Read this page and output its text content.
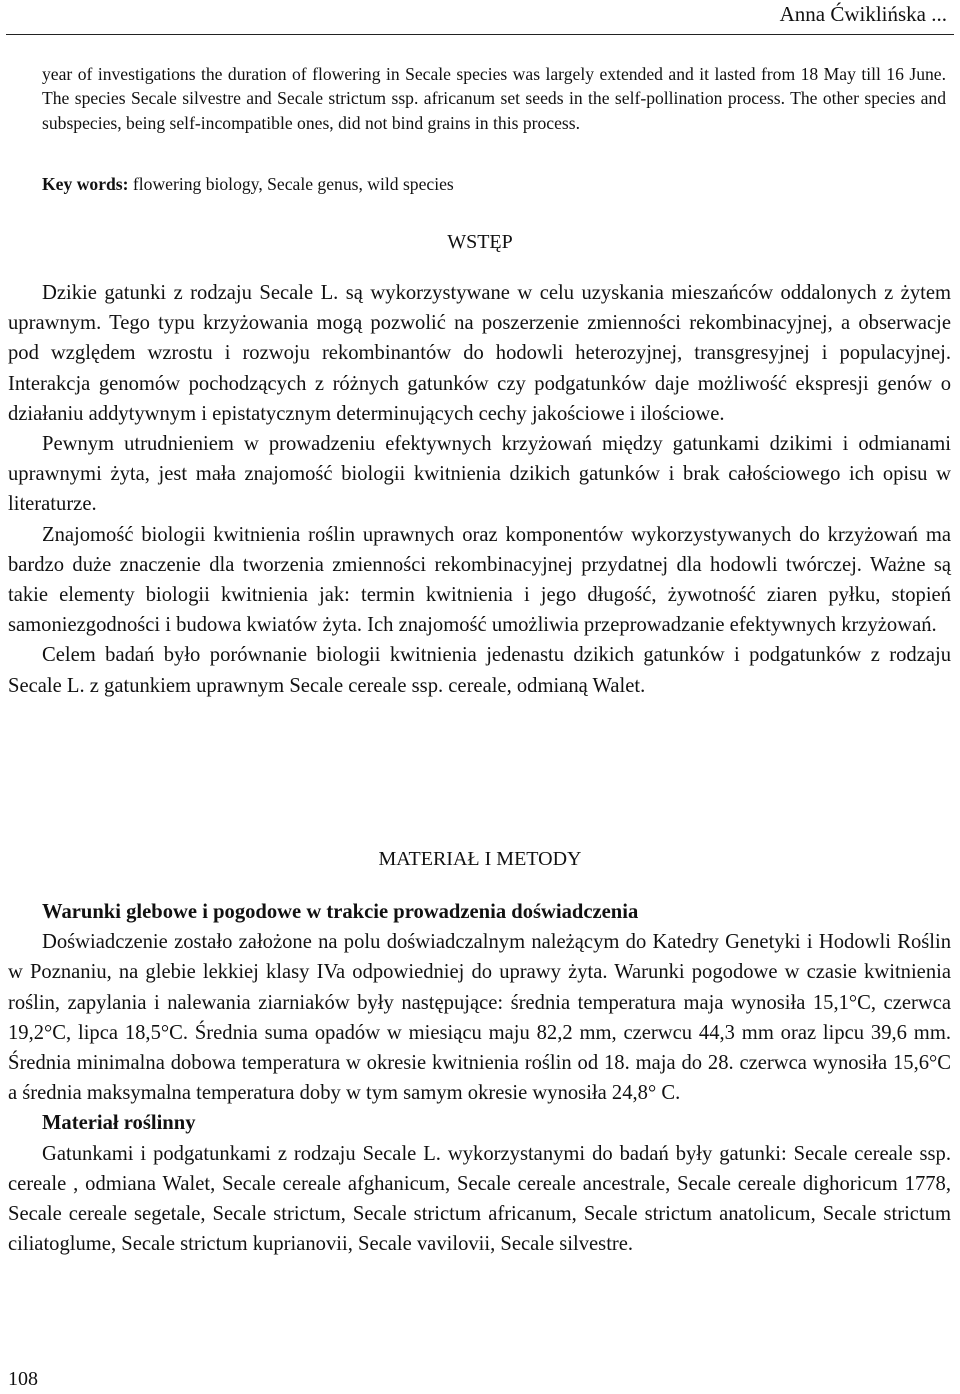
Anna Ćwiklińska ...

year of investigations the duration of flowering in Secale species was largely extended and it lasted from 18 May till 16 June. The species Secale silvestre and Secale strictum ssp. africanum set seeds in the self-pollination process. The other species and subspecies, being self-incompatible ones, did not bind grains in this process.

Key words: flowering biology, Secale genus, wild species

WSTĘP

Dzikie gatunki z rodzaju Secale L. są wykorzystywane w celu uzyskania mieszańców oddalonych z żytem uprawnym. Tego typu krzyżowania mogą pozwolić na poszerzenie zmienności rekombinacyjnej, a obserwacje pod względem wzrostu i rozwoju rekombinantów do hodowli heterozyjnej, transgresyjnej i populacyjnej. Interakcja genomów pochodzących z różnych gatunków czy podgatunków daje możliwość ekspresji genów o działaniu addytywnym i epistatycznym determinujących cechy jakościowe i ilościowe.

Pewnym utrudnieniem w prowadzeniu efektywnych krzyżowań między gatunkami dzikimi i odmianami uprawnymi żyta, jest mała znajomość biologii kwitnienia dzikich gatunków i brak całościowego ich opisu w literaturze.

Znajomość biologii kwitnienia roślin uprawnych oraz komponentów wykorzystywanych do krzyżowań ma bardzo duże znaczenie dla tworzenia zmienności rekombinacyjnej przydatnej dla hodowli twórczej. Ważne są takie elementy biologii kwitnienia jak: termin kwitnienia i jego długość, żywotność ziaren pyłku, stopień samoniezgodności i budowa kwiatów żyta. Ich znajomość umożliwia przeprowadzanie efektywnych krzyżowań.

Celem badań było porównanie biologii kwitnienia jedenastu dzikich gatunków i podgatunków z rodzaju Secale L. z gatunkiem uprawnym Secale cereale ssp. cereale, odmianą Walet.

MATERIAŁ I METODY

Warunki glebowe i pogodowe w trakcie prowadzenia doświadczenia

Doświadczenie zostało założone na polu doświadczalnym należącym do Katedry Genetyki i Hodowli Roślin w Poznaniu, na glebie lekkiej klasy IVa odpowiedniej do uprawy żyta. Warunki pogodowe w czasie kwitnienia roślin, zapylania i nalewania ziarniaków były następujące: średnia temperatura maja wynosiła 15,1°C, czerwca 19,2°C, lipca 18,5°C. Średnia suma opadów w miesiącu maju 82,2 mm, czerwcu 44,3 mm oraz lipcu 39,6 mm. Średnia minimalna dobowa temperatura w okresie kwitnienia roślin od 18. maja do 28. czerwca wynosiła 15,6°C a średnia maksymalna temperatura doby w tym samym okresie wynosiła 24,8° C.

Materiał roślinny

Gatunkami i podgatunkami z rodzaju Secale L. wykorzystanymi do badań były gatunki: Secale cereale ssp. cereale , odmiana Walet, Secale cereale afghanicum, Secale cereale ancestrale, Secale cereale dighoricum 1778, Secale cereale segetale, Secale strictum, Secale strictum africanum, Secale strictum anatolicum, Secale strictum ciliatoglume, Secale strictum kuprianovii, Secale vavilovii, Secale silvestre.

108
